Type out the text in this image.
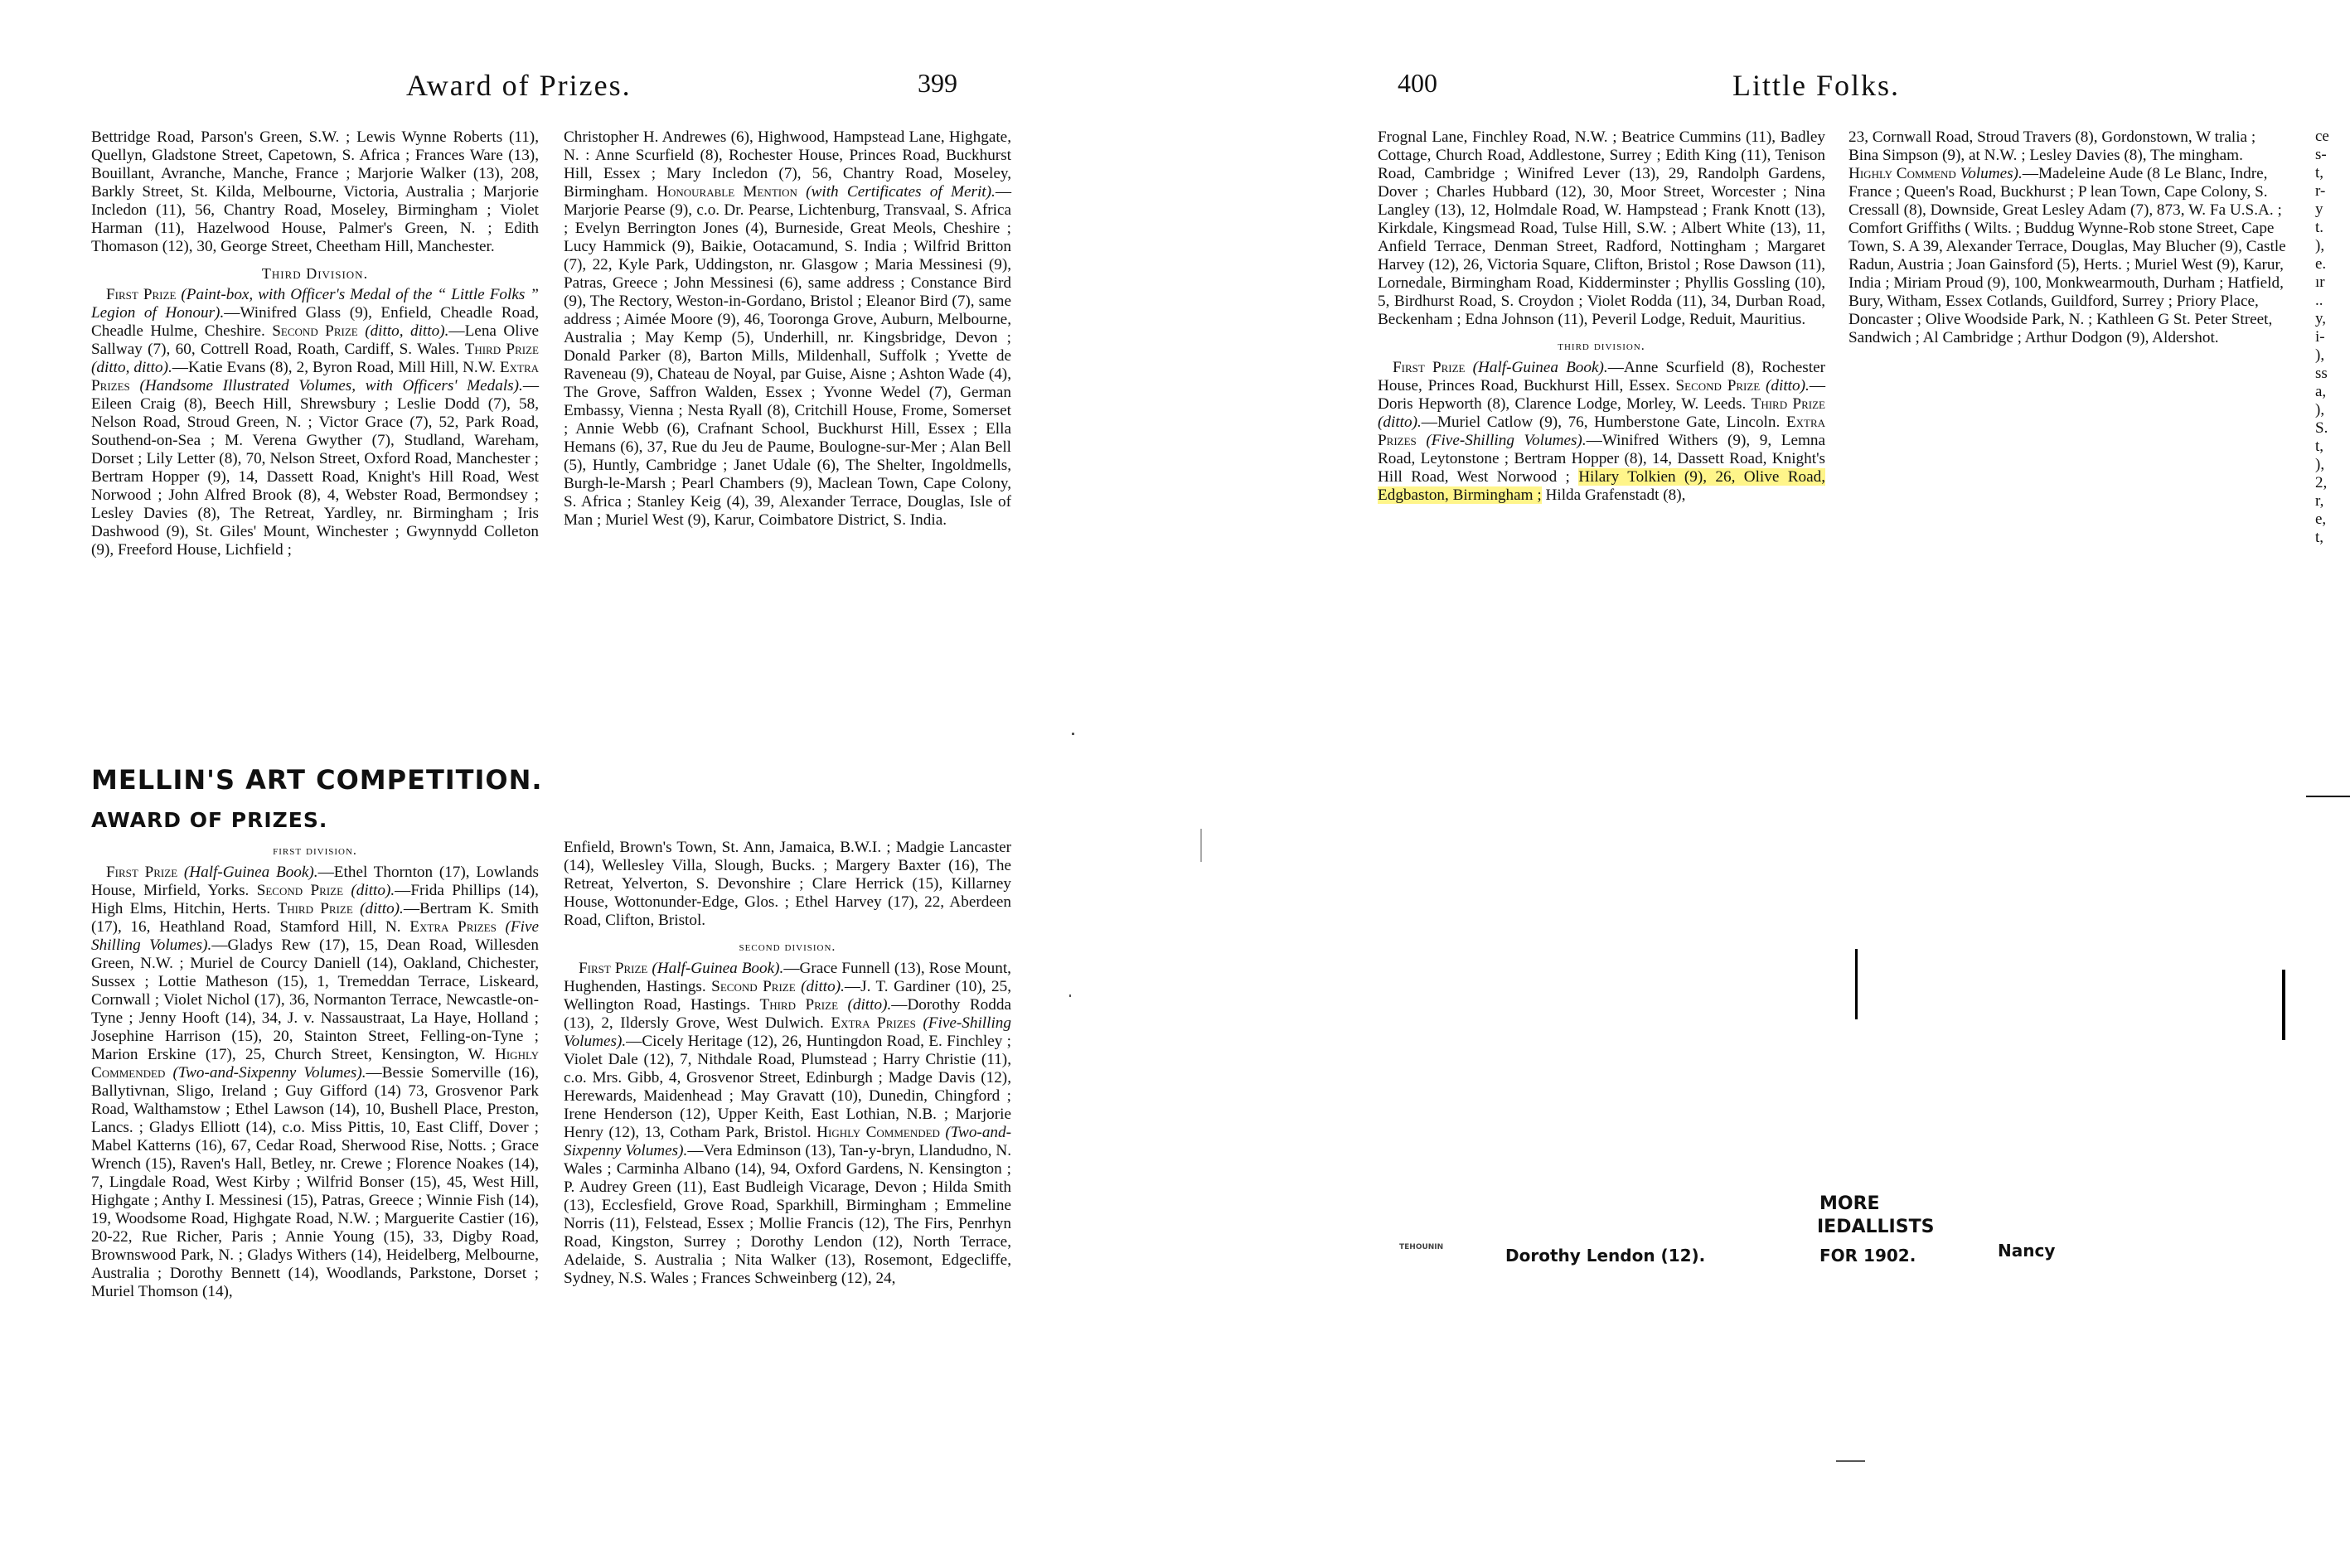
Award of Prizes.	399

Bettridge Road, Parson's Green, S.W. ; Lewis Wynne Roberts (11), Quellyn, Gladstone Street, Capetown, S. Africa ; Frances Ware (13), Bouillant, Avranche, Manche, France ; Marjorie Walker (13), 208, Barkly Street, St. Kilda, Melbourne, Victoria, Australia ; Marjorie Incledon (11), 56, Chantry Road, Moseley, Birmingham ; Violet Harman (11), Hazelwood House, Palmer's Green, N. ; Edith Thomason (12), 30, George Street, Cheetham Hill, Manchester.

Third Division.

First Prize (Paint-box, with Officer's Medal of the “ Little Folks ” Legion of Honour).—Winifred Glass (9), Enfield, Cheadle Road, Cheadle Hulme, Cheshire. Second Prize (ditto, ditto).—Lena Olive Sallway (7), 60, Cottrell Road, Roath, Cardiff, S. Wales. Third Prize (ditto, ditto).—Katie Evans (8), 2, Byron Road, Mill Hill, N.W. Extra Prizes (Handsome Illustrated Volumes, with Officers' Medals).—Eileen Craig (8), Beech Hill, Shrewsbury ; Leslie Dodd (7), 58, Nelson Road, Stroud Green, N. ; Victor Grace (7), 52, Park Road, Southend-on-Sea ; M. Verena Gwyther (7), Studland, Wareham, Dorset ; Lily Letter (8), 70, Nelson Street, Oxford Road, Manchester ; Bertram Hopper (9), 14, Dassett Road, Knight's Hill Road, West Norwood ; John Alfred Brook (8), 4, Webster Road, Bermondsey ; Lesley Davies (8), The Retreat, Yardley, nr. Birmingham ; Iris Dashwood (9), St. Giles' Mount, Winchester ; Gwynnydd Colleton (9), Freeford House, Lichfield ;

Christopher H. Andrewes (6), Highwood, Hampstead Lane, Highgate, N. : Anne Scurfield (8), Rochester House, Princes Road, Buckhurst Hill, Essex ; Mary Incledon (7), 56, Chantry Road, Moseley, Birmingham. Honourable Mention (with Certificates of Merit).—Marjorie Pearse (9), c.o. Dr. Pearse, Lichtenburg, Transvaal, S. Africa ; Evelyn Berrington Jones (4), Burneside, Great Meols, Cheshire ; Lucy Hammick (9), Baikie, Ootacamund, S. India ; Wilfrid Britton (7), 22, Kyle Park, Uddingston, nr. Glasgow ; Maria Messinesi (9), Patras, Greece ; John Messinesi (6), same address ; Constance Bird (9), The Rectory, Weston-in-Gordano, Bristol ; Eleanor Bird (7), same address ; Aimée Moore (9), 46, Tooronga Grove, Auburn, Melbourne, Australia ; May Kemp (5), Underhill, nr. Kingsbridge, Devon ; Donald Parker (8), Barton Mills, Mildenhall, Suffolk ; Yvette de Raveneau (9), Chateau de Noyal, par Guise, Aisne ; Ashton Wade (4), The Grove, Saffron Walden, Essex ; Yvonne Wedel (7), German Embassy, Vienna ; Nesta Ryall (8), Critchill House, Frome, Somerset ; Annie Webb (6), Crafnant School, Buckhurst Hill, Essex ; Ella Hemans (6), 37, Rue du Jeu de Paume, Boulogne-sur-Mer ; Alan Bell (5), Huntly, Cambridge ; Janet Udale (6), The Shelter, Ingoldmells, Burgh-le-Marsh ; Pearl Chambers (9), Maclean Town, Cape Colony, S. Africa ; Stanley Keig (4), 39, Alexander Terrace, Douglas, Isle of Man ; Muriel West (9), Karur, Coimbatore District, S. India.

MELLIN'S ART COMPETITION.
AWARD OF PRIZES.
first division.

First Prize (Half-Guinea Book).—Ethel Thornton (17), Lowlands House, Mirfield, Yorks. Second Prize (ditto).—Frida Phillips (14), High Elms, Hitchin, Herts. Third Prize (ditto).—Bertram K. Smith (17), 16, Heathland Road, Stamford Hill, N. Extra Prizes (Five Shilling Volumes).—Gladys Rew (17), 15, Dean Road, Willesden Green, N.W. ; Muriel de Courcy Daniell (14), Oakland, Chichester, Sussex ; Lottie Matheson (15), 1, Tremeddan Terrace, Liskeard, Cornwall ; Violet Nichol (17), 36, Normanton Terrace, Newcastle-on-Tyne ; Jenny Hooft (14), 34, J. v. Nassaustraat, La Haye, Holland ; Josephine Harrison (15), 20, Stainton Street, Felling-on-Tyne ; Marion Erskine (17), 25, Church Street, Kensington, W. Highly Commended (Two-and-Sixpenny Volumes).—Bessie Somerville (16), Ballytivnan, Sligo, Ireland ; Guy Gifford (14) 73, Grosvenor Park Road, Walthamstow ; Ethel Lawson (14), 10, Bushell Place, Preston, Lancs. ; Gladys Elliott (14), c.o. Miss Pittis, 10, East Cliff, Dover ; Mabel Katterns (16), 67, Cedar Road, Sherwood Rise, Notts. ; Grace Wrench (15), Raven's Hall, Betley, nr. Crewe ; Florence Noakes (14), 7, Lingdale Road, West Kirby ; Wilfrid Bonser (15), 45, West Hill, Highgate ; Anthy I. Messinesi (15), Patras, Greece ; Winnie Fish (14), 19, Woodsome Road, Highgate Road, N.W. ; Marguerite Castier (16), 20-22, Rue Richer, Paris ; Annie Young (15), 33, Digby Road, Brownswood Park, N. ; Gladys Withers (14), Heidelberg, Melbourne, Australia ; Dorothy Bennett (14), Woodlands, Parkstone, Dorset ; Muriel Thomson (14),

Enfield, Brown's Town, St. Ann, Jamaica, B.W.I. ; Madgie Lancaster (14), Wellesley Villa, Slough, Bucks. ; Margery Baxter (16), The Retreat, Yelverton, S. Devonshire ; Clare Herrick (15), Killarney House, Wottonunder-Edge, Glos. ; Ethel Harvey (17), 22, Aberdeen Road, Clifton, Bristol.

second division.

First Prize (Half-Guinea Book).—Grace Funnell (13), Rose Mount, Hughenden, Hastings. Second Prize (ditto).—J. T. Gardiner (10), 25, Wellington Road, Hastings. Third Prize (ditto).—Dorothy Rodda (13), 2, Ildersly Grove, West Dulwich. Extra Prizes (Five-Shilling Volumes).—Cicely Heritage (12), 26, Huntingdon Road, E. Finchley ; Violet Dale (12), 7, Nithdale Road, Plumstead ; Harry Christie (11), c.o. Mrs. Gibb, 4, Grosvenor Street, Edinburgh ; Madge Davis (12), Herewards, Maidenhead ; May Gravatt (10), Dunedin, Chingford ; Irene Henderson (12), Upper Keith, East Lothian, N.B. ; Marjorie Henry (12), 13, Cotham Park, Bristol. Highly Commended (Two-and-Sixpenny Volumes).—Vera Edminson (13), Tan-y-bryn, Llandudno, N. Wales ; Carminha Albano (14), 94, Oxford Gardens, N. Kensington ; P. Audrey Green (11), East Budleigh Vicarage, Devon ; Hilda Smith (13), Ecclesfield, Grove Road, Sparkhill, Birmingham ; Emmeline Norris (11), Felstead, Essex ; Mollie Francis (12), The Firs, Penrhyn Road, Kingston, Surrey ; Dorothy Lendon (12), North Terrace, Adelaide, S. Australia ; Nita Walker (13), Rosemont, Edgecliffe, Sydney, N.S. Wales ; Frances Schweinberg (12), 24,

400	Little Folks.

Frognal Lane, Finchley Road, N.W. ; Beatrice Cummins (11), Badley Cottage, Church Road, Addlestone, Surrey ; Edith King (11), Tenison Road, Cambridge ; Winifred Lever (13), 29, Randolph Gardens, Dover ; Charles Hubbard (12), 30, Moor Street, Worcester ; Nina Langley (13), 12, Holmdale Road, W. Hampstead ; Frank Knott (13), Kirkdale, Kingsmead Road, Tulse Hill, S.W. ; Albert White (13), 11, Anfield Terrace, Denman Street, Radford, Nottingham ; Margaret Harvey (12), 26, Victoria Square, Clifton, Bristol ; Rose Dawson (11), Lornedale, Birmingham Road, Kidderminster ; Phyllis Gossling (10), 5, Birdhurst Road, S. Croydon ; Violet Rodda (11), 34, Durban Road, Beckenham ; Edna Johnson (11), Peveril Lodge, Reduit, Mauritius.

third division.

First Prize (Half-Guinea Book).—Anne Scurfield (8), Rochester House, Princes Road, Buckhurst Hill, Essex. Second Prize (ditto).—Doris Hepworth (8), Clarence Lodge, Morley, W. Leeds. Third Prize (ditto).—Muriel Catlow (9), 76, Humberstone Gate, Lincoln. Extra Prizes (Five-Shilling Volumes).—Winifred Withers (9), 9, Lemna Road, Leytonstone ; Bertram Hopper (8), 14, Dassett Road, Knight's Hill Road, West Norwood ; Hilary Tolkien (9), 26, Olive Road, Edgbaston, Birmingham ; Hilda Grafenstadt (8),

23, Cornwall Road, Stroud Travers (8), Gordonstown, W tralia ; Bina Simpson (9), at N.W. ; Lesley Davies (8), The mingham. Highly Commend Volumes).—Madeleine Aude (8 Le Blanc, Indre, France ; Queen's Road, Buckhurst ; P lean Town, Cape Colony, S. Cressall (8), Downside, Great Lesley Adam (7), 873, W. Fa U.S.A. ; Comfort Griffiths ( Wilts. ; Buddug Wynne-Rob stone Street, Cape Town, S. A 39, Alexander Terrace, Douglas, May Blucher (9), Castle Radun, Austria ; Joan Gainsford (5), Herts. ; Muriel West (9), Karur, India ; Miriam Proud (9), 100, Monkwearmouth, Durham ; Hatfield, Bury, Witham, Essex Cotlands, Guildford, Surrey ; Priory Place, Doncaster ; Olive Woodside Park, N. ; Kathleen G St. Peter Street, Sandwich ; Al Cambridge ; Arthur Dodgon (9), Aldershot.

ce
s-
t,
r-
y
t.
),
e.
ır
..
y,
i-
),
ss
a,
),
S.
t,
),
2,
r,
e,
t,
MORE
IEDALLISTS
FOR 1902.
Dorothy Lendon (12).	Nancy
TEHOUNIN
